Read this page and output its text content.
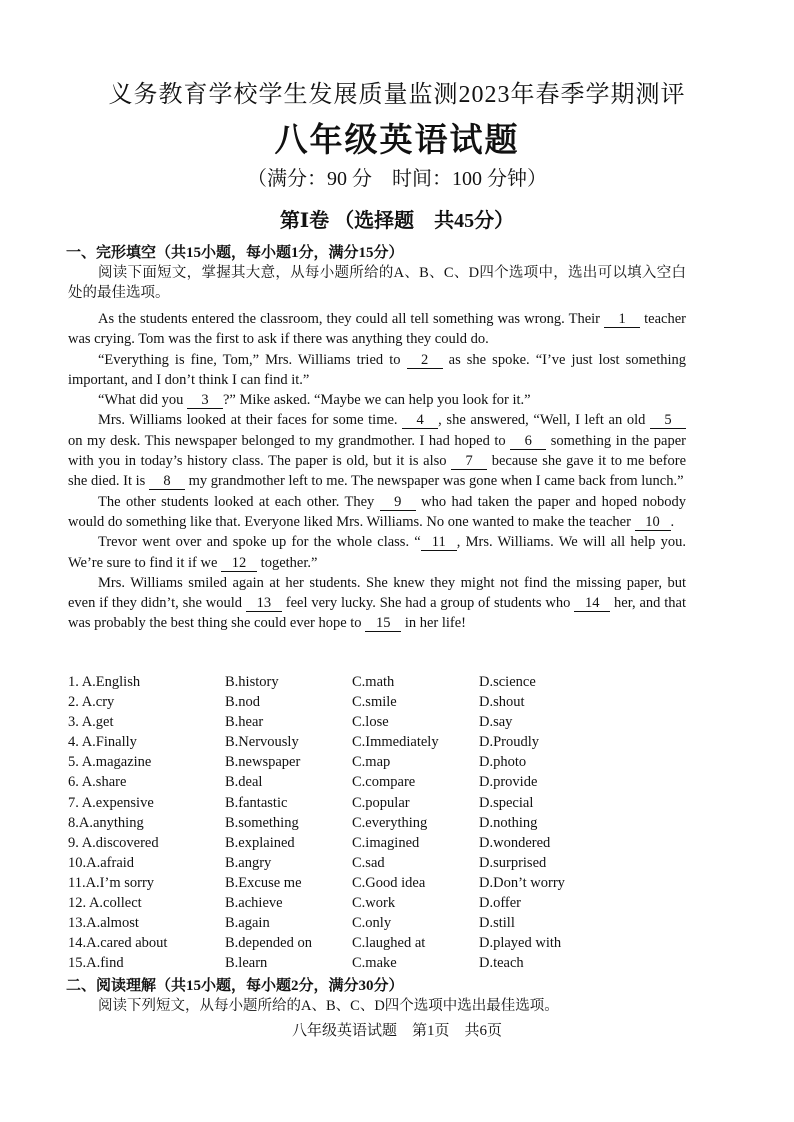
义务教育学校学生发展质量监测2023年春季学期测评
八年级英语试题
（满分：90 分　时间：100 分钟）
第Ⅰ卷 （选择题　共45分）
一、完形填空（共15小题，每小题1分，满分15分）

阅读下面短文，掌握其大意，从每小题所给的A、B、C、D四个选项中，选出可以填入空白处的最佳选项。

As the students entered the classroom, they could all tell something was wrong. Their 1 teacher was crying. Tom was the first to ask if there was anything they could do.

“Everything is fine, Tom,” Mrs. Williams tried to 2 as she spoke. “I’ve just lost something important, and I don’t think I can find it.”

“What did you 3 ?” Mike asked. “Maybe we can help you look for it.”

Mrs. Williams looked at their faces for some time. 4 , she answered, “Well, I left an old 5 on my desk. This newspaper belonged to my grandmother. I had hoped to 6 something in the paper with you in today’s history class. The paper is old, but it is also 7 because she gave it to me before she died. It is 8 my grandmother left to me. The newspaper was gone when I came back from lunch.”

The other students looked at each other. They 9 who had taken the paper and hoped nobody would do something like that. Everyone liked Mrs. Williams. No one wanted to make the teacher 10 .

Trevor went over and spoke up for the whole class. “ 11 , Mrs. Williams. We will all help you. We’re sure to find it if we 12 together.”

Mrs. Williams smiled again at her students. She knew they might not find the missing paper, but even if they didn’t, she would 13 feel very lucky. She had a group of students who 14 her, and that was probably the best thing she could ever hope to 15 in her life!

1. A.English	B.history	C.math	D.science
2. A.cry	B.nod	C.smile	D.shout
3. A.get	B.hear	C.lose	D.say
4. A.Finally	B.Nervously	C.Immediately	D.Proudly
5. A.magazine	B.newspaper	C.map	D.photo
6. A.share	B.deal	C.compare	D.provide
7. A.expensive	B.fantastic	C.popular	D.special
8.A.anything	B.something	C.everything	D.nothing
9. A.discovered	B.explained	C.imagined	D.wondered
10.A.afraid	B.angry	C.sad	D.surprised
11.A.I’m sorry	B.Excuse me	C.Good idea	D.Don’t worry
12. A.collect	B.achieve	C.work	D.offer
13.A.almost	B.again	C.only	D.still
14.A.cared about	B.depended on	C.laughed at	D.played with
15.A.find	B.learn	C.make	D.teach
二、阅读理解（共15小题，每小题2分，满分30分）

阅读下列短文，从每小题所给的A、B、C、D四个选项中选出最佳选项。

八年级英语试题　第1页　共6页
